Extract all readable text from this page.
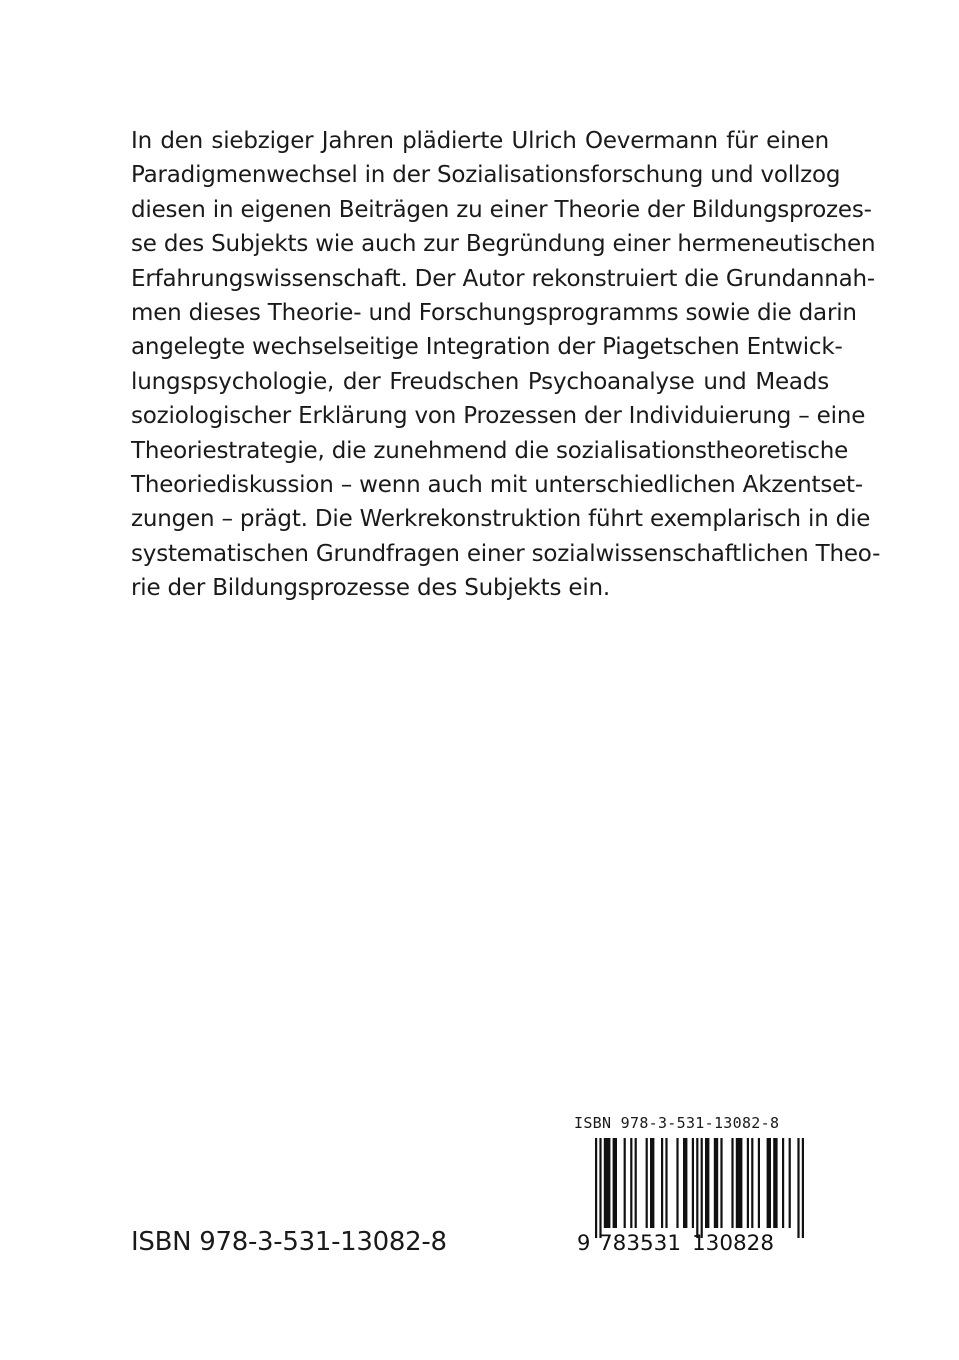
In den siebziger Jahren plädierte Ulrich Oevermann für einen
Paradigmenwechsel in der Sozialisationsforschung und vollzog
diesen in eigenen Beiträgen zu einer Theorie der Bildungsprozes-
se des Subjekts wie auch zur Begründung einer hermeneutischen
Erfahrungswissenschaft. Der Autor rekonstruiert die Grundannah-
men dieses Theorie- und Forschungsprogramms sowie die darin
angelegte wechselseitige Integration der Piagetschen Entwick-
lungspsychologie, der Freudschen Psychoanalyse und Meads
soziologischer Erklärung von Prozessen der Individuierung – eine
Theoriestrategie, die zunehmend die sozialisationstheoretische
Theoriediskussion – wenn auch mit unterschiedlichen Akzentset-
zungen – prägt. Die Werkrekonstruktion führt exemplarisch in die
systematischen Grundfragen einer sozialwissenschaftlichen Theo-
rie der Bildungsprozesse des Subjekts ein.
ISBN 978-3-531-13082-8
ISBN 978-3-531-13082-8
9 783531 130828
